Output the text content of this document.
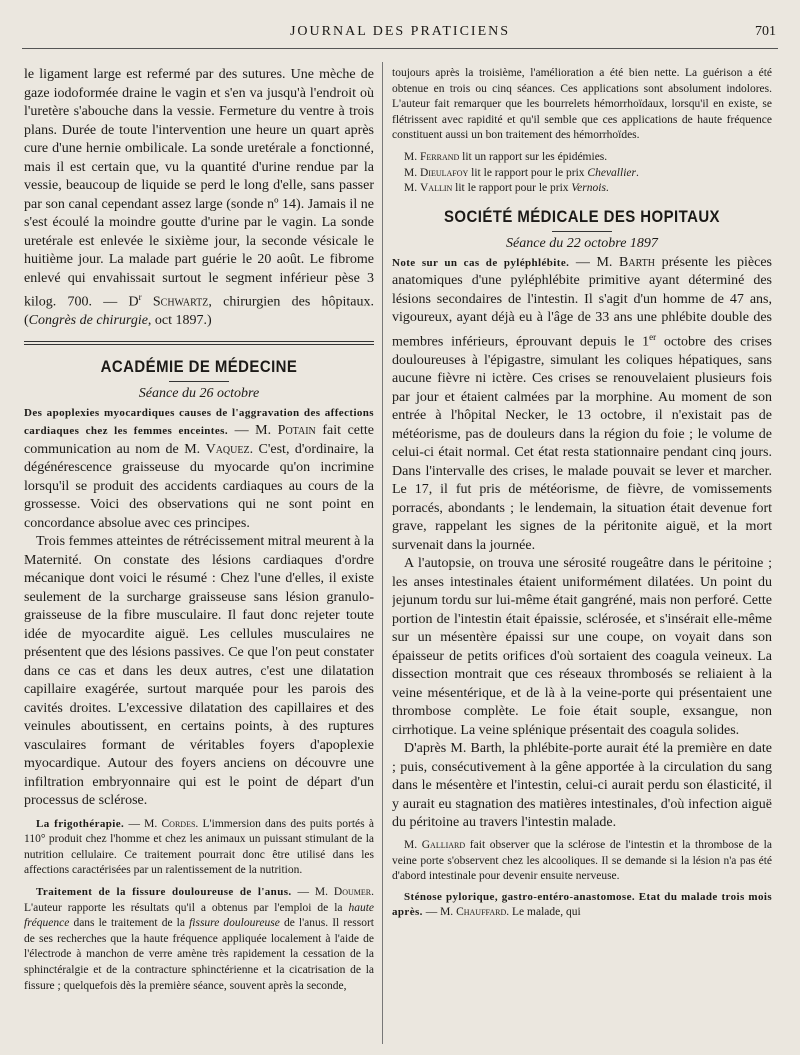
JOURNAL DES PRATICIENS	701

le ligament large est refermé par des sutures. Une mèche de gaze iodoformée draine le vagin et s'en va jusqu'à l'endroit où l'uretère s'abouche dans la vessie. Fermeture du ventre à trois plans. Durée de toute l'intervention une heure un quart après cure d'une hernie ombilicale. La sonde uretérale a fonctionné, mais il est certain que, vu la quantité d'urine rendue par la vessie, beaucoup de liquide se perd le long d'elle, sans passer par son canal cependant assez large (sonde nº 14). Jamais il ne s'est écoulé la moindre goutte d'urine par le vagin. La sonde uretérale est enlevée le sixième jour, la seconde vésicale le huitième jour. La malade part guérie le 20 août. Le fibrome enlevé qui envahissait surtout le segment inférieur pèse 3 kilog. 700. — $D^r$ Schwartz, chirurgien des hôpitaux. (Congrès de chirurgie, oct 1897.)

ACADÉMIE DE MÉDECINE
Séance du 26 octobre

Des apoplexies myocardiques causes de l'aggravation des affections cardiaques chez les femmes enceintes. — M. Potain fait cette communication au nom de M. Vaquez. C'est, d'ordinaire, la dégénérescence graisseuse du myocarde qu'on incrimine lorsqu'il se produit des accidents cardiaques au cours de la grossesse. Voici des observations qui ne sont point en concordance absolue avec ces principes.

Trois femmes atteintes de rétrécissement mitral meurent à la Maternité. On constate des lésions cardiaques d'ordre mécanique dont voici le résumé : Chez l'une d'elles, il existe seulement de la surcharge graisseuse sans lésion granulo-graisseuse de la fibre musculaire. Il faut donc rejeter toute idée de myocardite aiguë. Les cellules musculaires ne présentent que des lésions passives. Ce que l'on peut constater dans ce cas et dans les deux autres, c'est une dilatation capillaire exagérée, surtout marquée pour les parois des cavités droites. L'excessive dilatation des capillaires et des veinules aboutissent, en certains points, à des ruptures vasculaires formant de véritables foyers d'apoplexie myocardique. Autour des foyers anciens on découvre une infiltration embryonnaire qui est le point de départ d'un processus de sclérose.

La frigothérapie. — M. Cordes. L'immersion dans des puits portés à 110° produit chez l'homme et chez les animaux un puissant stimulant de la nutrition cellulaire. Ce traitement pourrait donc être utilisé dans les affections caractérisées par un ralentissement de la nutrition.

Traitement de la fissure douloureuse de l'anus. — M. Doumer. L'auteur rapporte les résultats qu'il a obtenus par l'emploi de la haute fréquence dans le traitement de la fissure douloureuse de l'anus. Il ressort de ses recherches que la haute fréquence appliquée localement à l'aide de l'électrode à manchon de verre amène très rapidement la cessation de la sphinctéralgie et de la contracture sphinctérienne et la cicatrisation de la fissure ; quelquefois dès la première séance, souvent après la seconde,

toujours après la troisième, l'amélioration a été bien nette. La guérison a été obtenue en trois ou cinq séances. Ces applications sont absolument indolores. L'auteur fait remarquer que les bourrelets hémorrhoïdaux, lorsqu'il en existe, se flétrissent avec rapidité et qu'il semble que ces applications de haute fréquence constituent aussi un bon traitement des hémorrhoïdes.

M. Ferrand lit un rapport sur les épidémies.

M. Dieulafoy lit le rapport pour le prix Chevallier.

M. Vallin lit le rapport pour le prix Vernois.

SOCIÉTÉ MÉDICALE DES HOPITAUX
Séance du 22 octobre 1897

Note sur un cas de pyléphlébite. — M. Barth présente les pièces anatomiques d'une pyléphlébite primitive ayant déterminé des lésions secondaires de l'intestin. Il s'agit d'un homme de 47 ans, vigoureux, ayant déjà eu à l'âge de 33 ans une phlébite double des membres inférieurs, éprouvant depuis le 1er octobre des crises douloureuses à l'épigastre, simulant les coliques hépatiques, sans aucune fièvre ni ictère. Ces crises se renouvelaient plusieurs fois par jour et étaient calmées par la morphine. Au moment de son entrée à l'hôpital Necker, le 13 octobre, il n'existait pas de météorisme, pas de douleurs dans la région du foie ; le volume de celui-ci était normal. Cet état resta stationnaire pendant cinq jours. Dans l'intervalle des crises, le malade pouvait se lever et marcher. Le 17, il fut pris de météorisme, de fièvre, de vomissements porracés, abondants ; le lendemain, la situation était devenue fort grave, rappelant les signes de la péritonite aiguë, et la mort survenait dans la journée.

A l'autopsie, on trouva une sérosité rougeâtre dans le péritoine ; les anses intestinales étaient uniformément dilatées. Un point du jejunum tordu sur lui-même était gangréné, mais non perforé. Cette portion de l'intestin était épaissie, sclérosée, et s'insérait elle-même sur un mésentère épaissi sur une coupe, on voyait dans son épaisseur de petits orifices d'où sortaient des coagula veineux. La dissection montrait que ces réseaux thrombosés se reliaient à la veine mésentérique, et de là à la veine-porte qui présentaient une thrombose complète. Le foie était souple, exsangue, non cirrhotique. La veine splénique présentait des coagula solides.

D'après M. Barth, la phlébite-porte aurait été la première en date ; puis, consécutivement à la gêne apportée à la circulation du sang dans le mésentère et l'intestin, celui-ci aurait perdu son élasticité, il y aurait eu stagnation des matières intestinales, d'où infection aiguë du péritoine au travers l'intestin malade.

M. Galliard fait observer que la sclérose de l'intestin et la thrombose de la veine porte s'observent chez les alcooliques. Il se demande si la lésion n'a pas été d'abord intestinale pour devenir ensuite nerveuse.

Sténose pylorique, gastro-entéro-anastomose. Etat du malade trois mois après. — M. Chauffard. Le malade, qui
